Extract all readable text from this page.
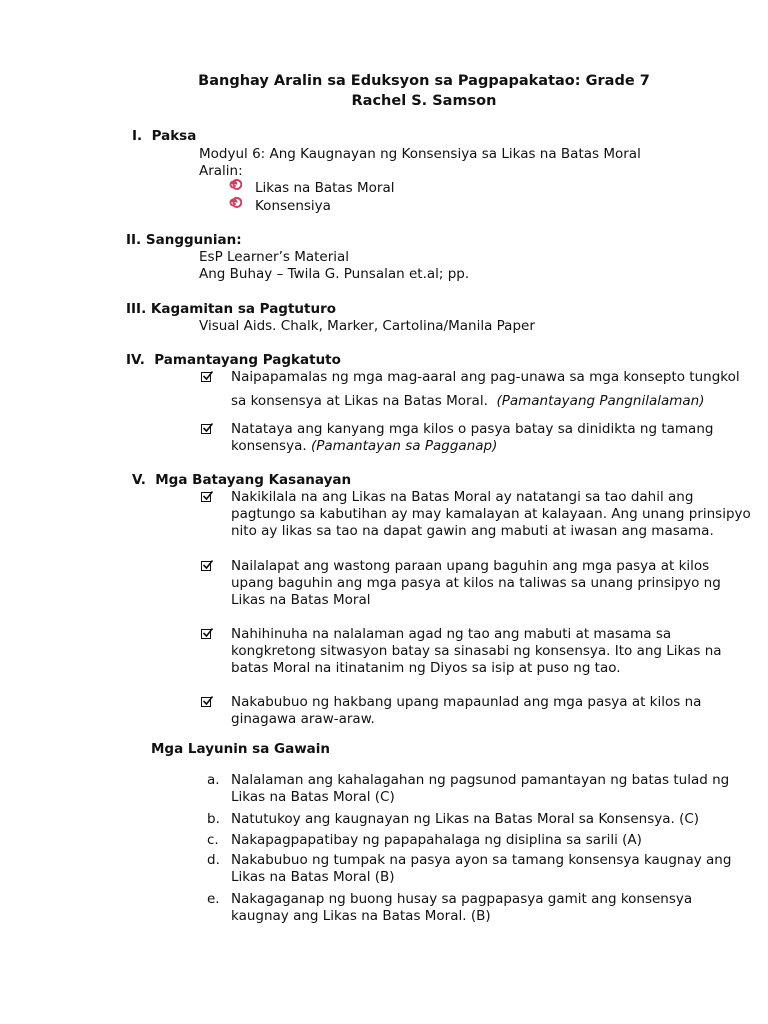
Banghay Aralin sa Eduksyon sa Pagpapakatao: Grade 7
Rachel S. Samson
I. Paksa
Modyul 6: Ang Kaugnayan ng Konsensiya sa Likas na Batas Moral
Aralin:
Likas na Batas Moral
Konsensiya
II. Sanggunian:
EsP Learner’s Material
Ang Buhay – Twila G. Punsalan et.al; pp.
III. Kagamitan sa Pagtuturo
Visual Aids. Chalk, Marker, Cartolina/Manila Paper
IV. Pamantayang Pagkatuto
Naipapamalas ng mga mag-aaral ang pag-unawa sa mga konsepto tungkol
sa konsensya at Likas na Batas Moral. (Pamantayang Pangnilalaman)
Natataya ang kanyang mga kilos o pasya batay sa dinidikta ng tamang
konsensya. (Pamantayan sa Pagganap)
V. Mga Batayang Kasanayan
Nakikilala na ang Likas na Batas Moral ay natatangi sa tao dahil ang pagtungo sa kabutihan ay may kamalayan at kalayaan. Ang unang prinsipyo nito ay likas sa tao na dapat gawin ang mabuti at iwasan ang masama.
Nailalapat ang wastong paraan upang baguhin ang mga pasya at kilos upang baguhin ang mga pasya at kilos na taliwas sa unang prinsipyo ng Likas na Batas Moral
Nahihinuha na nalalaman agad ng tao ang mabuti at masama sa kongkretong sitwasyon batay sa sinasabi ng konsensya. Ito ang Likas na batas Moral na itinatanim ng Diyos sa isip at puso ng tao.
Nakabubuo ng hakbang upang mapaunlad ang mga pasya at kilos na ginagawa araw-araw.
Mga Layunin sa Gawain
a. Nalalaman ang kahalagahan ng pagsunod pamantayan ng batas tulad ng Likas na Batas Moral (C)
b. Natutukoy ang kaugnayan ng Likas na Batas Moral sa Konsensya. (C)
c. Nakapagpapatibay ng papapahalaga ng disiplina sa sarili (A)
d. Nakabubuo ng tumpak na pasya ayon sa tamang konsensya kaugnay ang Likas na Batas Moral (B)
e. Nakagaganap ng buong husay sa pagpapasya gamit ang konsensya kaugnay ang Likas na Batas Moral. (B)
